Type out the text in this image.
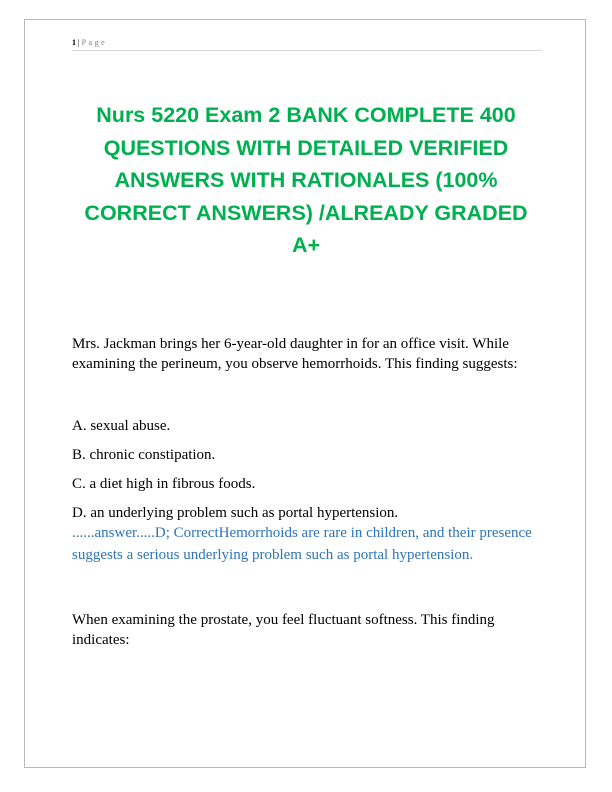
1 | Page
Nurs 5220 Exam 2 BANK COMPLETE 400 QUESTIONS WITH DETAILED VERIFIED ANSWERS WITH RATIONALES (100% CORRECT ANSWERS) /ALREADY GRADED A+

Mrs. Jackman brings her 6-year-old daughter in for an office visit. While examining the perineum, you observe hemorrhoids. This finding suggests:

A. sexual abuse.

B. chronic constipation.

C. a diet high in fibrous foods.

D. an underlying problem such as portal hypertension.

......answer.....D; CorrectHemorrhoids are rare in children, and their presence suggests a serious underlying problem such as portal hypertension.

When examining the prostate, you feel fluctuant softness. This finding indicates:
